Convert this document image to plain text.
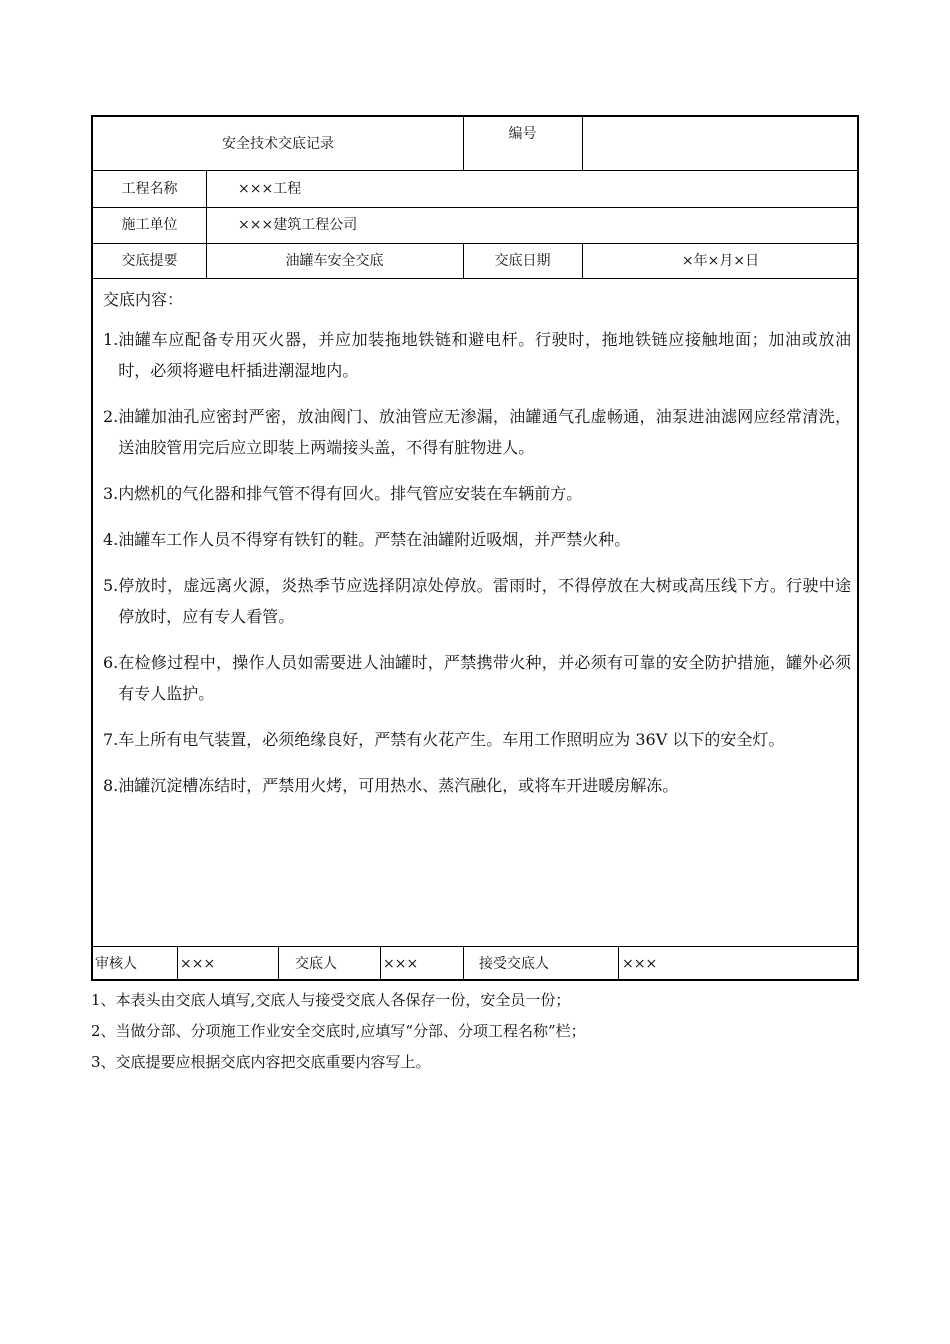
安全技术交底记录
编号
工程名称	×××工程
施工单位	×××建筑工程公司
交底提要	油罐车安全交底	交底日期	×年×月×日
交底内容：
1. 油罐车应配备专用灭火器，并应加装拖地铁链和避电杆。行驶时，拖地铁链应接触地面；加油或放油时，必须将避电杆插进潮湿地内。
2. 油罐加油孔应密封严密，放油阀门、放油管应无渗漏，油罐通气孔虚畅通，油泵进油滤网应经常清洗，送油胶管用完后应立即装上两端接头盖，不得有脏物进人。
3. 内燃机的气化器和排气管不得有回火。排气管应安装在车辆前方。
4. 油罐车工作人员不得穿有铁钉的鞋。严禁在油罐附近吸烟，并严禁火种。
5. 停放时，虚远离火源，炎热季节应选择阴凉处停放。雷雨时，不得停放在大树或高压线下方。行驶中途停放时，应有专人看管。
6. 在检修过程中，操作人员如需要进人油罐时，严禁携带火种，并必须有可靠的安全防护措施，罐外必须有专人监护。
7. 车上所有电气装置，必须绝缘良好，严禁有火花产生。车用工作照明应为 36V 以下的安全灯。
8. 油罐沉淀槽冻结时，严禁用火烤，可用热水、蒸汽融化，或将车开进暖房解冻。
审核人	×××	交底人	×××	接受交底人	×××
1、本表头由交底人填写,交底人与接受交底人各保存一份，安全员一份；
2、当做分部、分项施工作业安全交底时,应填写“分部、分项工程名称”栏；
3、交底提要应根据交底内容把交底重要内容写上。
